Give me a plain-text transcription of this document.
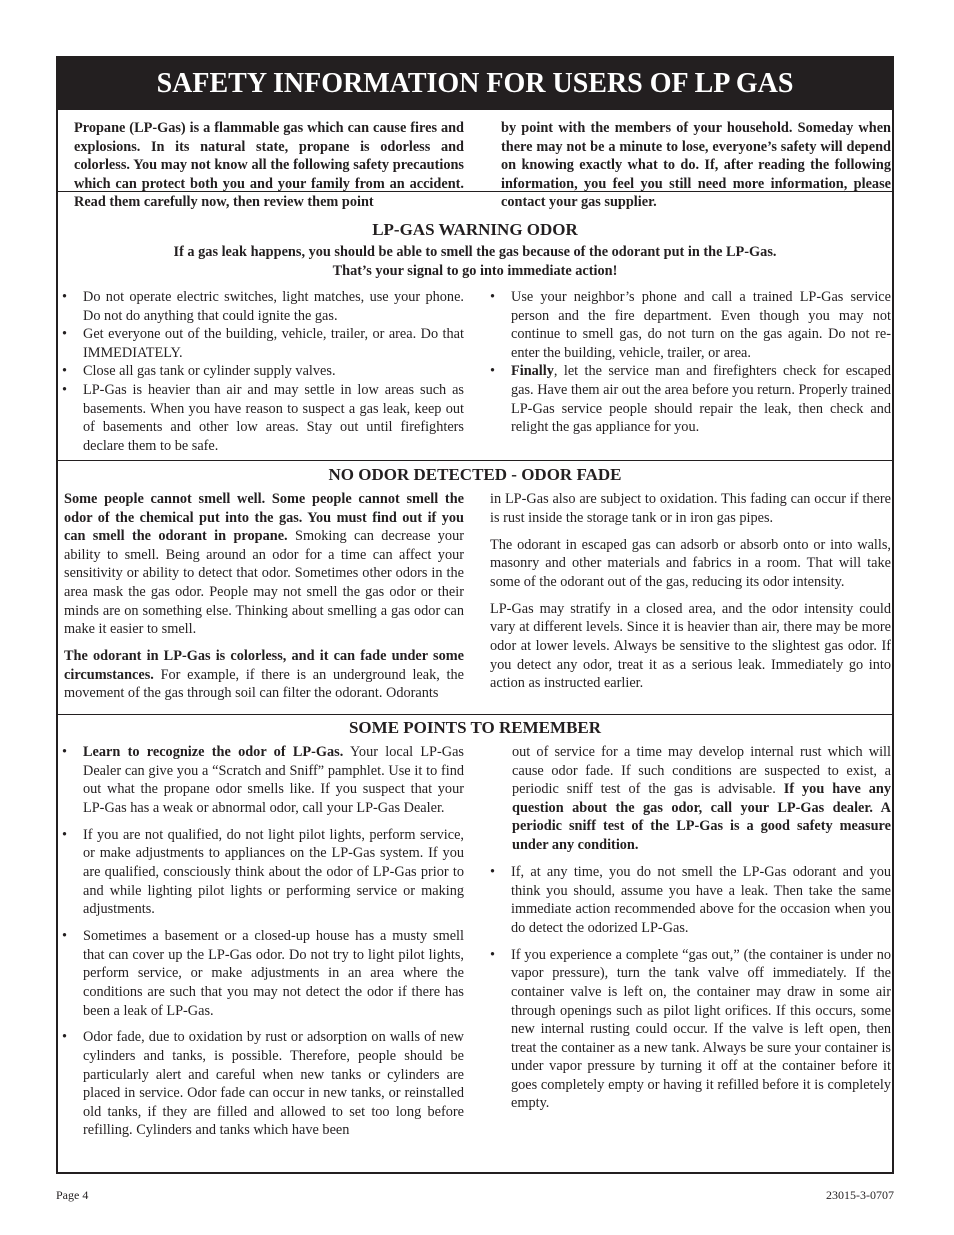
SAFETY INFORMATION FOR USERS OF LP GAS
Propane (LP-Gas) is a flammable gas which can cause fires and explosions. In its natural state, propane is odorless and colorless. You may not know all the following safety precautions which can protect both you and your family from an accident. Read them carefully now, then review them point
by point with the members of your household. Someday when there may not be a minute to lose, everyone’s safety will depend on knowing exactly what to do. If, after reading the following information, you feel you still need more information, please contact your gas supplier.
LP-GAS WARNING ODOR
If a gas leak happens, you should be able to smell the gas because of the odorant put in the LP-Gas.
That’s your signal to go into immediate action!
• Do not operate electric switches, light matches, use your phone. Do not do anything that could ignite the gas.
• Get everyone out of the building, vehicle, trailer, or area. Do that IMMEDIATELY.
• Close all gas tank or cylinder supply valves.
• LP-Gas is heavier than air and may settle in low areas such as basements. When you have reason to suspect a gas leak, keep out of basements and other low areas. Stay out until firefighters declare them to be safe.
• Use your neighbor’s phone and call a trained LP-Gas service person and the fire department. Even though you may not continue to smell gas, do not turn on the gas again. Do not re-enter the building, vehicle, trailer, or area.
• Finally, let the service man and firefighters check for escaped gas. Have them air out the area before you return. Properly trained LP-Gas service people should repair the leak, then check and relight the gas appliance for you.
NO ODOR DETECTED - ODOR FADE

Some people cannot smell well. Some people cannot smell the odor of the chemical put into the gas. You must find out if you can smell the odorant in propane. Smoking can decrease your ability to smell. Being around an odor for a time can affect your sensitivity or ability to detect that odor. Sometimes other odors in the area mask the gas odor. People may not smell the gas odor or their minds are on something else. Thinking about smelling a gas odor can make it easier to smell.

The odorant in LP-Gas is colorless, and it can fade under some circumstances. For example, if there is an underground leak, the movement of the gas through soil can filter the odorant. Odorants

in LP-Gas also are subject to oxidation. This fading can occur if there is rust inside the storage tank or in iron gas pipes.

The odorant in escaped gas can adsorb or absorb onto or into walls, masonry and other materials and fabrics in a room. That will take some of the odorant out of the gas, reducing its odor intensity.

LP-Gas may stratify in a closed area, and the odor intensity could vary at different levels. Since it is heavier than air, there may be more odor at lower levels. Always be sensitive to the slightest gas odor. If you detect any odor, treat it as a serious leak. Immediately go into action as instructed earlier.

SOME POINTS TO REMEMBER
• Learn to recognize the odor of LP-Gas. Your local LP-Gas Dealer can give you a “Scratch and Sniff” pamphlet. Use it to find out what the propane odor smells like. If you suspect that your LP-Gas has a weak or abnormal odor, call your LP-Gas Dealer.
• If you are not qualified, do not light pilot lights, perform service, or make adjustments to appliances on the LP-Gas system. If you are qualified, consciously think about the odor of LP-Gas prior to and while lighting pilot lights or performing service or making adjustments.
• Sometimes a basement or a closed-up house has a musty smell that can cover up the LP-Gas odor. Do not try to light pilot lights, perform service, or make adjustments in an area where the conditions are such that you may not detect the odor if there has been a leak of LP-Gas.
• Odor fade, due to oxidation by rust or adsorption on walls of new cylinders and tanks, is possible. Therefore, people should be particularly alert and careful when new tanks or cylinders are placed in service. Odor fade can occur in new tanks, or reinstalled old tanks, if they are filled and allowed to set too long before refilling. Cylinders and tanks which have been
out of service for a time may develop internal rust which will cause odor fade. If such conditions are suspected to exist, a periodic sniff test of the gas is advisable. If you have any question about the gas odor, call your LP-Gas dealer. A periodic sniff test of the LP-Gas is a good safety measure under any condition.
• If, at any time, you do not smell the LP-Gas odorant and you think you should, assume you have a leak. Then take the same immediate action recommended above for the occasion when you do detect the odorized LP-Gas.
• If you experience a complete “gas out,” (the container is under no vapor pressure), turn the tank valve off immediately. If the container valve is left on, the container may draw in some air through openings such as pilot light orifices. If this occurs, some new internal rusting could occur. If the valve is left open, then treat the container as a new tank. Always be sure your container is under vapor pressure by turning it off at the container before it goes completely empty or having it refilled before it is completely empty.
Page 4	23015-3-0707
